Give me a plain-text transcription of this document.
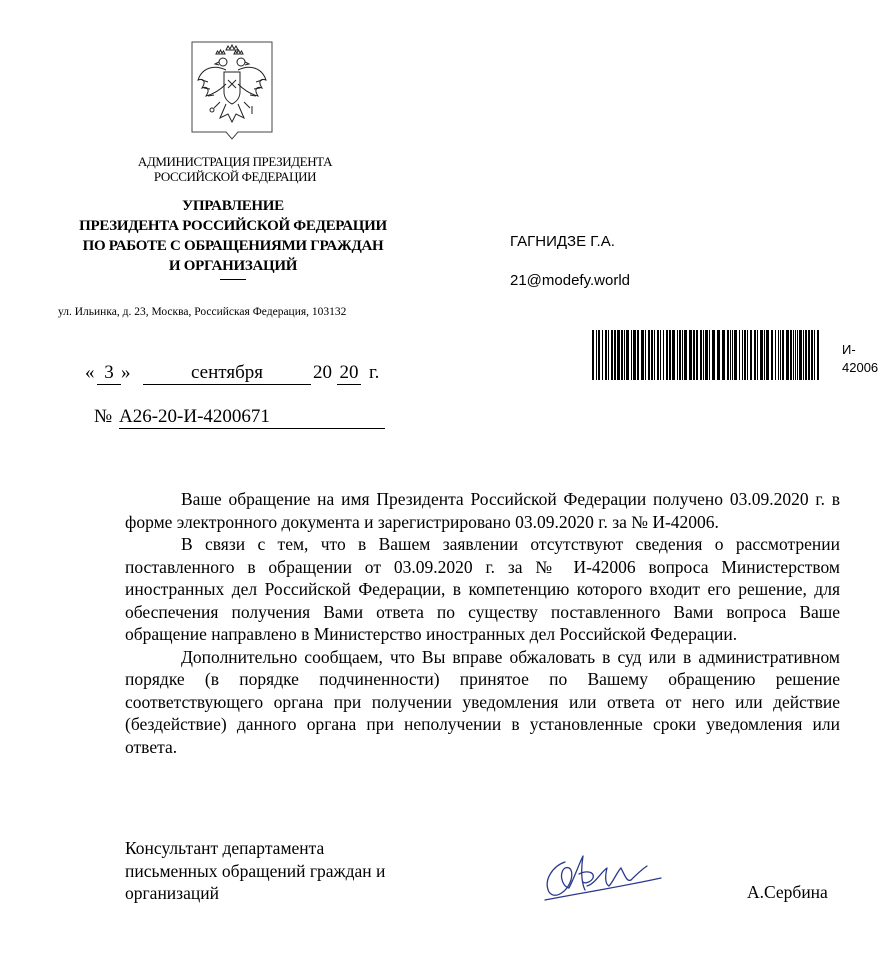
АДМИНИСТРАЦИЯ ПРЕЗИДЕНТА
РОССИЙСКОЙ ФЕДЕРАЦИИ
УПРАВЛЕНИЕ
ПРЕЗИДЕНТА РОССИЙСКОЙ ФЕДЕРАЦИИ
ПО РАБОТЕ С ОБРАЩЕНИЯМИ ГРАЖДАН
И ОРГАНИЗАЦИЙ
ул. Ильинка, д. 23, Москва, Российская Федерация, 103132
ГАГНИДЗЕ Г.А.
21@modefy.world
И-
42006
« 3 »	сентября	20 20 г.
№ А26-20-И-4200671

Ваше обращение на имя Президента Российской Федерации получено 03.09.2020 г. в форме электронного документа и зарегистрировано 03.09.2020 г. за № И-42006.

В связи с тем, что в Вашем заявлении отсутствуют сведения о рассмотрении поставленного в обращении от 03.09.2020 г. за № И-42006 вопроса Министерством иностранных дел Российской Федерации, в компетенцию которого входит его решение, для обеспечения получения Вами ответа по существу поставленного Вами вопроса Ваше обращение направлено в Министерство иностранных дел Российской Федерации.

Дополнительно сообщаем, что Вы вправе обжаловать в суд или в административном порядке (в порядке подчиненности) принятое по Вашему обращению решение соответствующего органа при получении уведомления или ответа от него или действие (бездействие) данного органа при неполучении в установленные сроки уведомления или ответа.

Консультант департамента
письменных обращений граждан и
организаций	А.Сербина
